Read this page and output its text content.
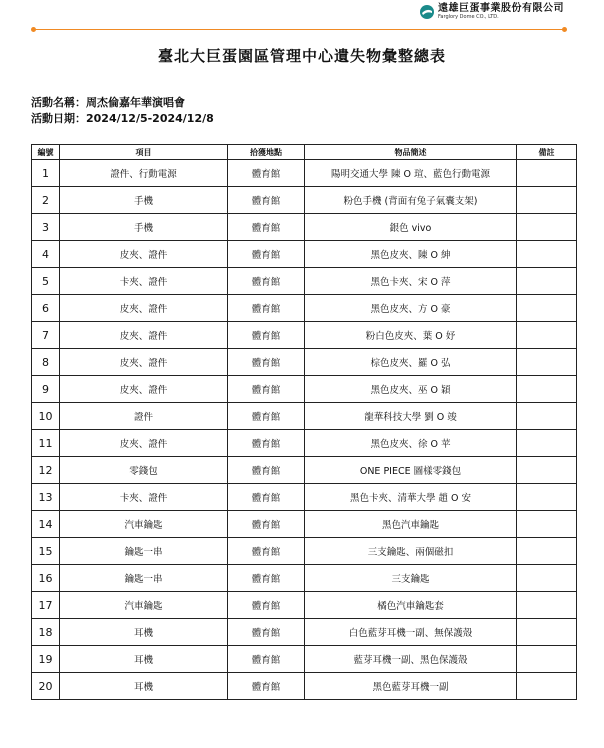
遠雄巨蛋事業股份有限公司
Farglory Dome CO., LTD.
臺北大巨蛋園區管理中心遺失物彙整總表
活動名稱：周杰倫嘉年華演唱會
活動日期：2024/12/5-2024/12/8
編號	項目	拾獲地點	物品簡述	備註
1	證件、行動電源	體育館	陽明交通大學 陳 O 瑄、藍色行動電源	
2	手機	體育館	粉色手機 (背面有兔子氣囊支架)	
3	手機	體育館	銀色 vivo	
4	皮夾、證件	體育館	黑色皮夾、陳 O 紳	
5	卡夾、證件	體育館	黑色卡夾、宋 O 萍	
6	皮夾、證件	體育館	黑色皮夾、方 O 豪	
7	皮夾、證件	體育館	粉白色皮夾、葉 O 妤	
8	皮夾、證件	體育館	棕色皮夾、羅 O 弘	
9	皮夾、證件	體育館	黑色皮夾、巫 O 穎	
10	證件	體育館	龍華科技大學 劉 O 竣	
11	皮夾、證件	體育館	黑色皮夾、徐 O 苹	
12	零錢包	體育館	ONE PIECE 圖樣零錢包	
13	卡夾、證件	體育館	黑色卡夾、清華大學 趙 O 安	
14	汽車鑰匙	體育館	黑色汽車鑰匙	
15	鑰匙一串	體育館	三支鑰匙、兩個磁扣	
16	鑰匙一串	體育館	三支鑰匙	
17	汽車鑰匙	體育館	橘色汽車鑰匙套	
18	耳機	體育館	白色藍芽耳機一副、無保護殼	
19	耳機	體育館	藍芽耳機一副、黑色保護殼	
20	耳機	體育館	黑色藍芽耳機一副	
